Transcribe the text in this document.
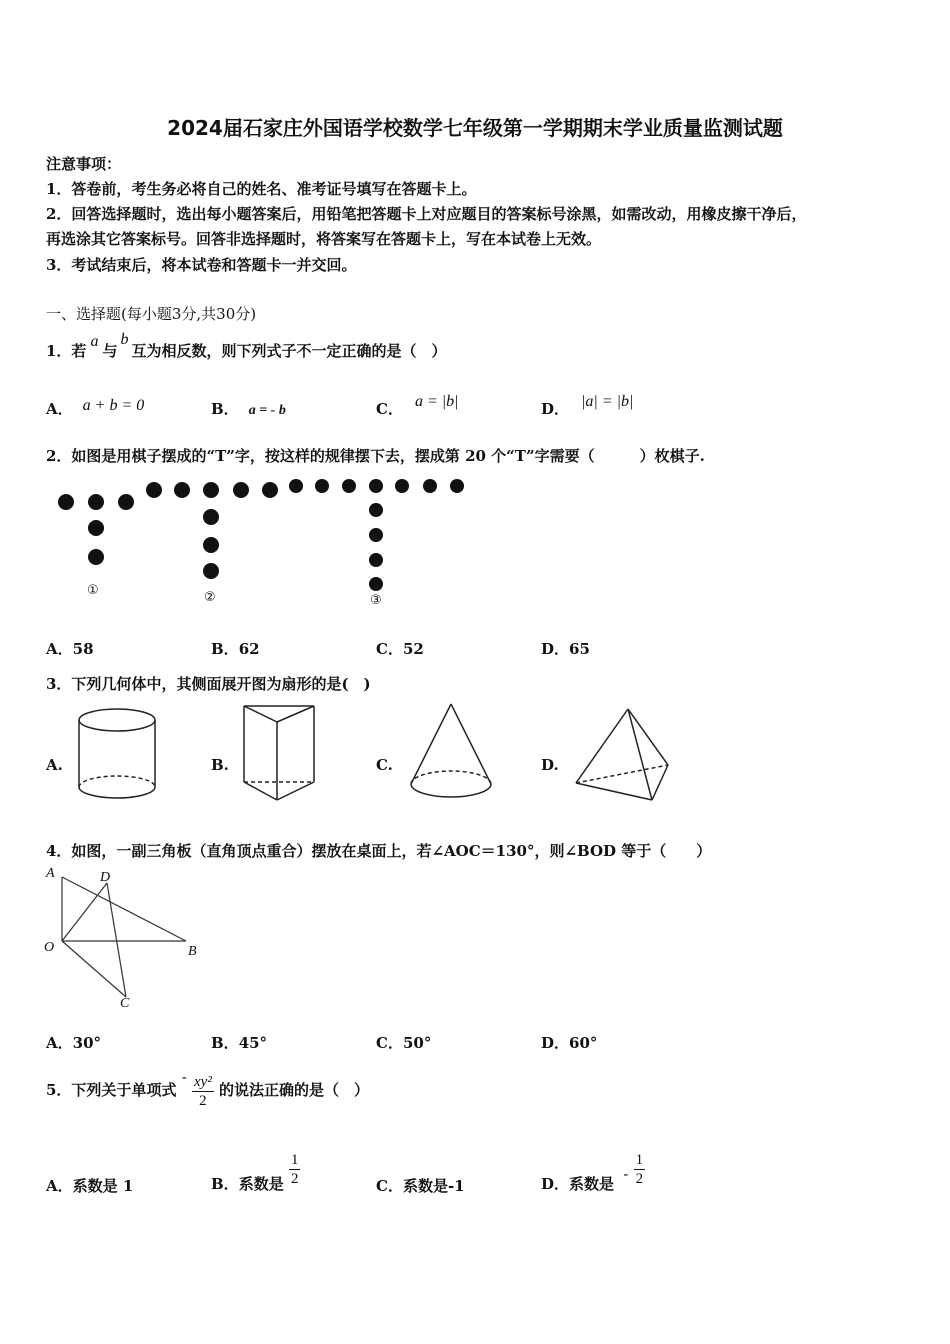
2024届石家庄外国语学校数学七年级第一学期期末学业质量监测试题
注意事项：
1．答卷前，考生务必将自己的姓名、准考证号填写在答题卡上。
2．回答选择题时，选出每小题答案后，用铅笔把答题卡上对应题目的答案标号涂黑，如需改动，用橡皮擦干净后，
再选涂其它答案标号。回答非选择题时，将答案写在答题卡上，写在本试卷上无效。
3．考试结束后，将本试卷和答题卡一并交回。
一、选择题(每小题3分,共30分)
1．若a与b互为相反数，则下列式子不一定正确的是（　）
A． a + b = 0	B． a = - b	C． a = |b|	D． |a| = |b|
2．如图是用棋子摆成的“T”字，按这样的规律摆下去，摆成第 20 个“T”字需要（　　　）枚棋子.
①	②	③
A．58	B．62	C．52	D．65
3．下列几何体中，其侧面展开图为扇形的是(　)
A.	B.	C.	D.
4．如图，一副三角板（直角顶点重合）摆放在桌面上，若∠AOC＝130°，则∠BOD 等于（　　）
A	D
O	B
C
A．30°	B．45°	C．50°	D．60°
5．下列关于单项式 - $\frac{\text{xy²}}{2}$ 的说法正确的是（　）
A．系数是 1	B．系数是 $\frac{1}{2}$	C．系数是-1	D．系数是 - $\frac{1}{2}$
